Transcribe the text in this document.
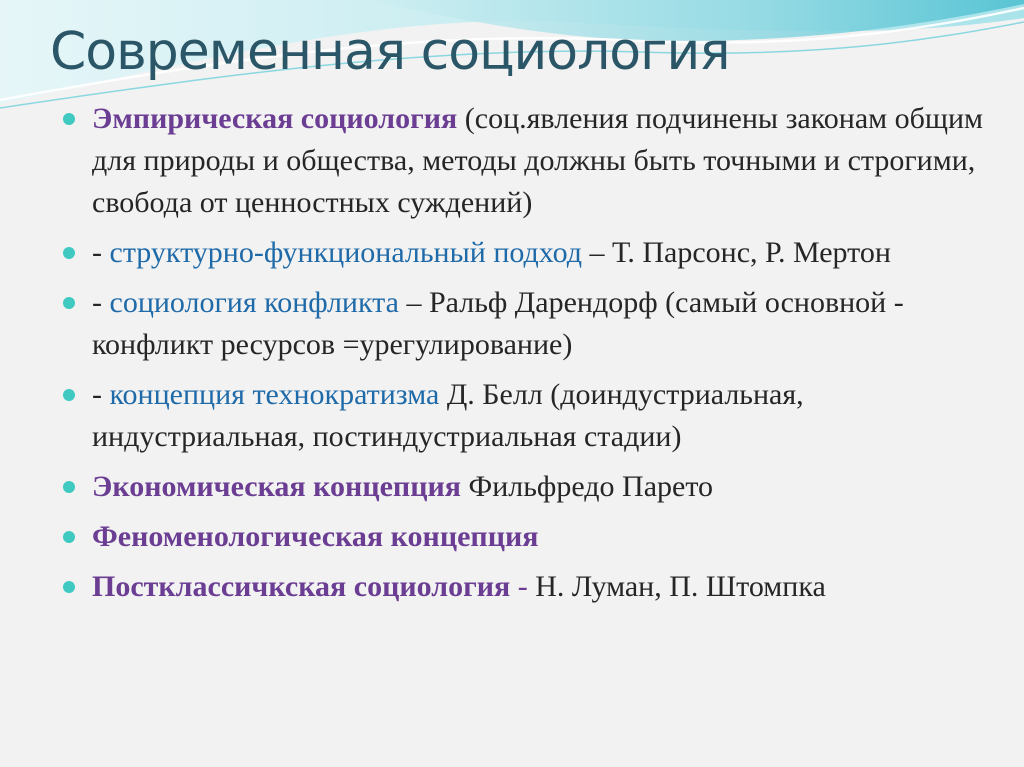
Современная социология
Эмпирическая социология (соц.явления подчинены законам общим для природы и общества, методы должны быть точными и строгими, свобода от ценностных суждений)
- структурно-функциональный подход – Т. Парсонс, Р. Мертон
- социология конфликта – Ральф Дарендорф (самый основной - конфликт ресурсов =урегулирование)
- концепция технократизма Д. Белл (доиндустриальная, индустриальная, постиндустриальная стадии)
Экономическая концепция Фильфредо Парето
Феноменологическая концепция
Постклассичкская социология - Н. Луман, П. Штомпка
